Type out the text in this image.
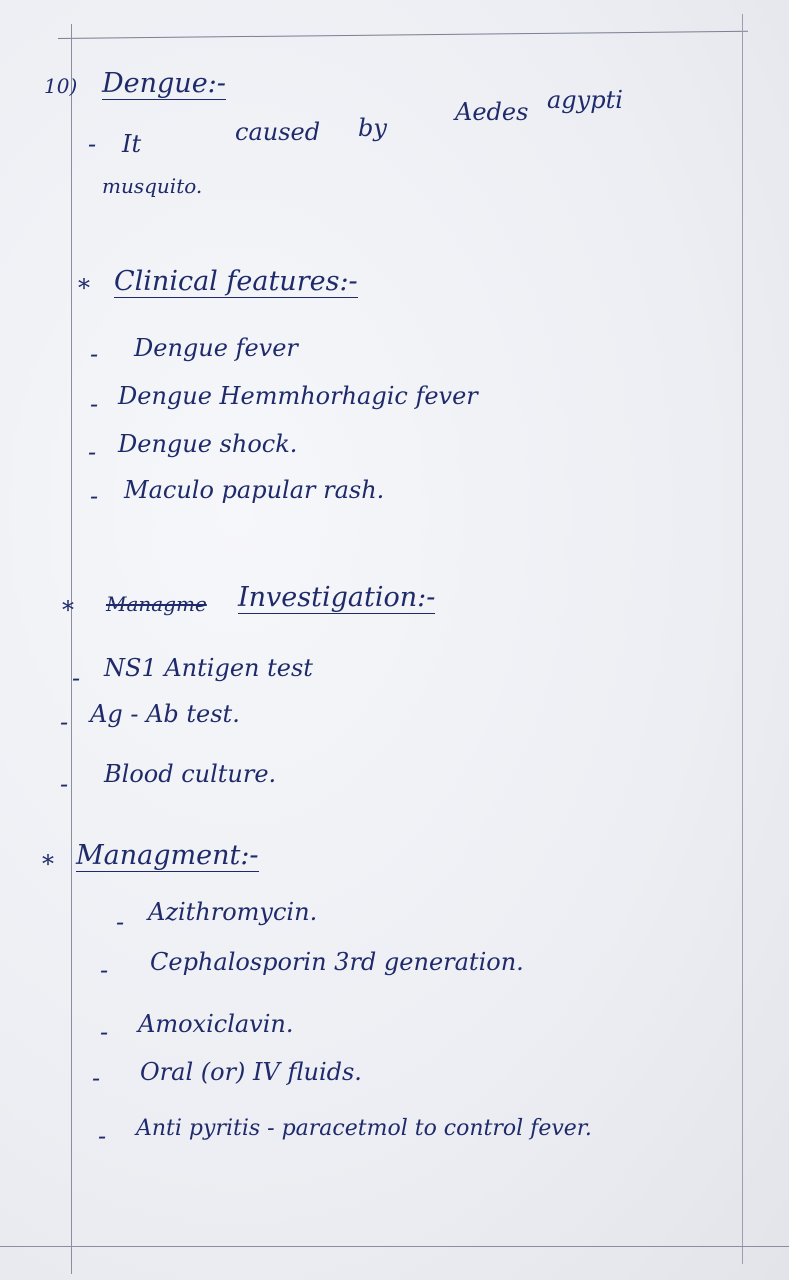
10) Dengue:-
- It	caused by
Aedes agypti
musquito.
* Clinical features:-
- Dengue fever
- Dengue Hemmhorhagic fever
- Dengue shock.
- Maculo papular rash.
* Managme Investigation:-
- NS1 Antigen test
- Ag - Ab test.
- Blood culture.
* Managment:-
- Azithromycin.
- Cephalosporin 3rd generation.
- Amoxiclavin.
- Oral (or) IV fluids.
- Anti pyritis - paracetmol to control fever.
